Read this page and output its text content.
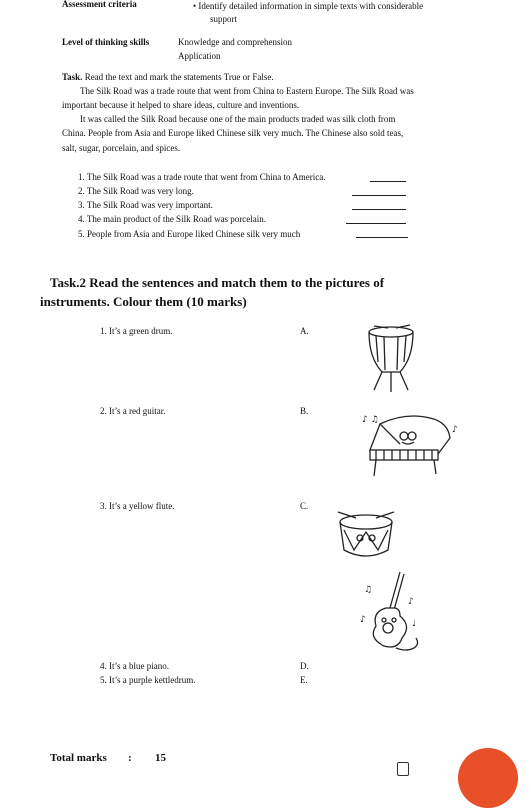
Assessment criteria	• Identify detailed information in simple texts with considerable
support
Level of thinking skills	Knowledge and comprehension
Application
Task. Read the text and mark the statements True or False.
The Silk Road was a trade route that went from China to Eastern Europe. The Silk Road was
important because it helped to share ideas, culture and inventions.
It was called the Silk Road because one of the main products traded was silk cloth from
China. People from Asia and Europe liked Chinese silk very much. The Chinese also sold teas,
salt, sugar, porcelain, and spices.
1. The Silk Road was a trade route that went from China to America.
2. The Silk Road was very long.
3. The Silk Road was very important.
4. The main product of the Silk Road was porcelain.
5. People from Asia and Europe liked Chinese silk very much
Task.2 Read the sentences and match them to the pictures of
instruments. Colour them (10 marks)
1. It’s a green drum.	A.
2. It’s a red guitar.	B.
3. It’s a yellow flute.	C.
4. It’s a blue piano.	D.
5. It’s a purple kettledrum.	E.
♪ ♫
♪
♫
♪
♪	♩
Total marks : 15
